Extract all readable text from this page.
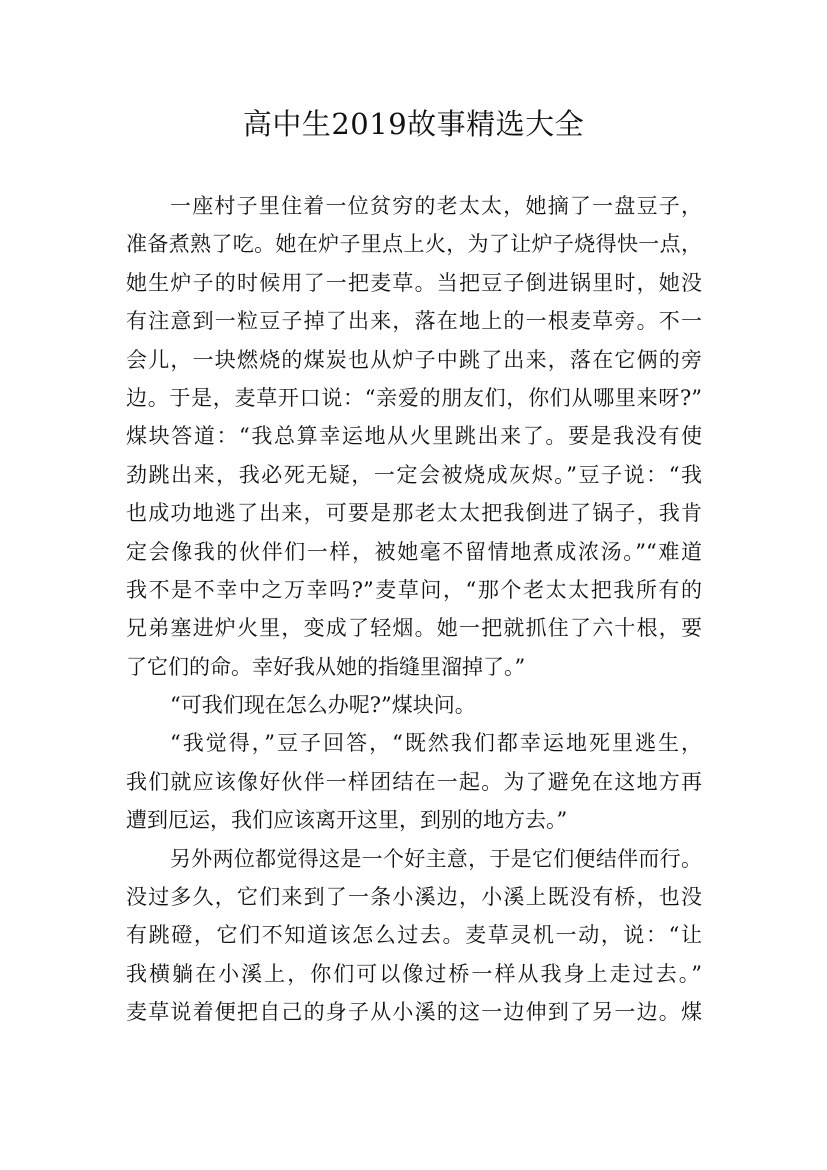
高中生2019故事精选大全
一座村子里住着一位贫穷的老太太，她摘了一盘豆子，
准备煮熟了吃。她在炉子里点上火，为了让炉子烧得快一点，
她生炉子的时候用了一把麦草。当把豆子倒进锅里时，她没
有注意到一粒豆子掉了出来，落在地上的一根麦草旁。不一
会儿，一块燃烧的煤炭也从炉子中跳了出来，落在它俩的旁
边。于是，麦草开口说：“亲爱的朋友们，你们从哪里来呀?”
煤块答道：“我总算幸运地从火里跳出来了。要是我没有使
劲跳出来，我必死无疑，一定会被烧成灰烬。”豆子说：“我
也成功地逃了出来，可要是那老太太把我倒进了锅子，我肯
定会像我的伙伴们一样，被她毫不留情地煮成浓汤。”“难道
我不是不幸中之万幸吗?”麦草问，“那个老太太把我所有的
兄弟塞进炉火里，变成了轻烟。她一把就抓住了六十根，要
了它们的命。幸好我从她的指缝里溜掉了。”
“可我们现在怎么办呢?”煤块问。
“我觉得，”豆子回答，“既然我们都幸运地死里逃生，
我们就应该像好伙伴一样团结在一起。为了避免在这地方再
遭到厄运，我们应该离开这里，到别的地方去。”
另外两位都觉得这是一个好主意，于是它们便结伴而行。
没过多久，它们来到了一条小溪边，小溪上既没有桥，也没
有跳磴，它们不知道该怎么过去。麦草灵机一动，说：“让
我横躺在小溪上，你们可以像过桥一样从我身上走过去。”
麦草说着便把自己的身子从小溪的这一边伸到了另一边。煤
